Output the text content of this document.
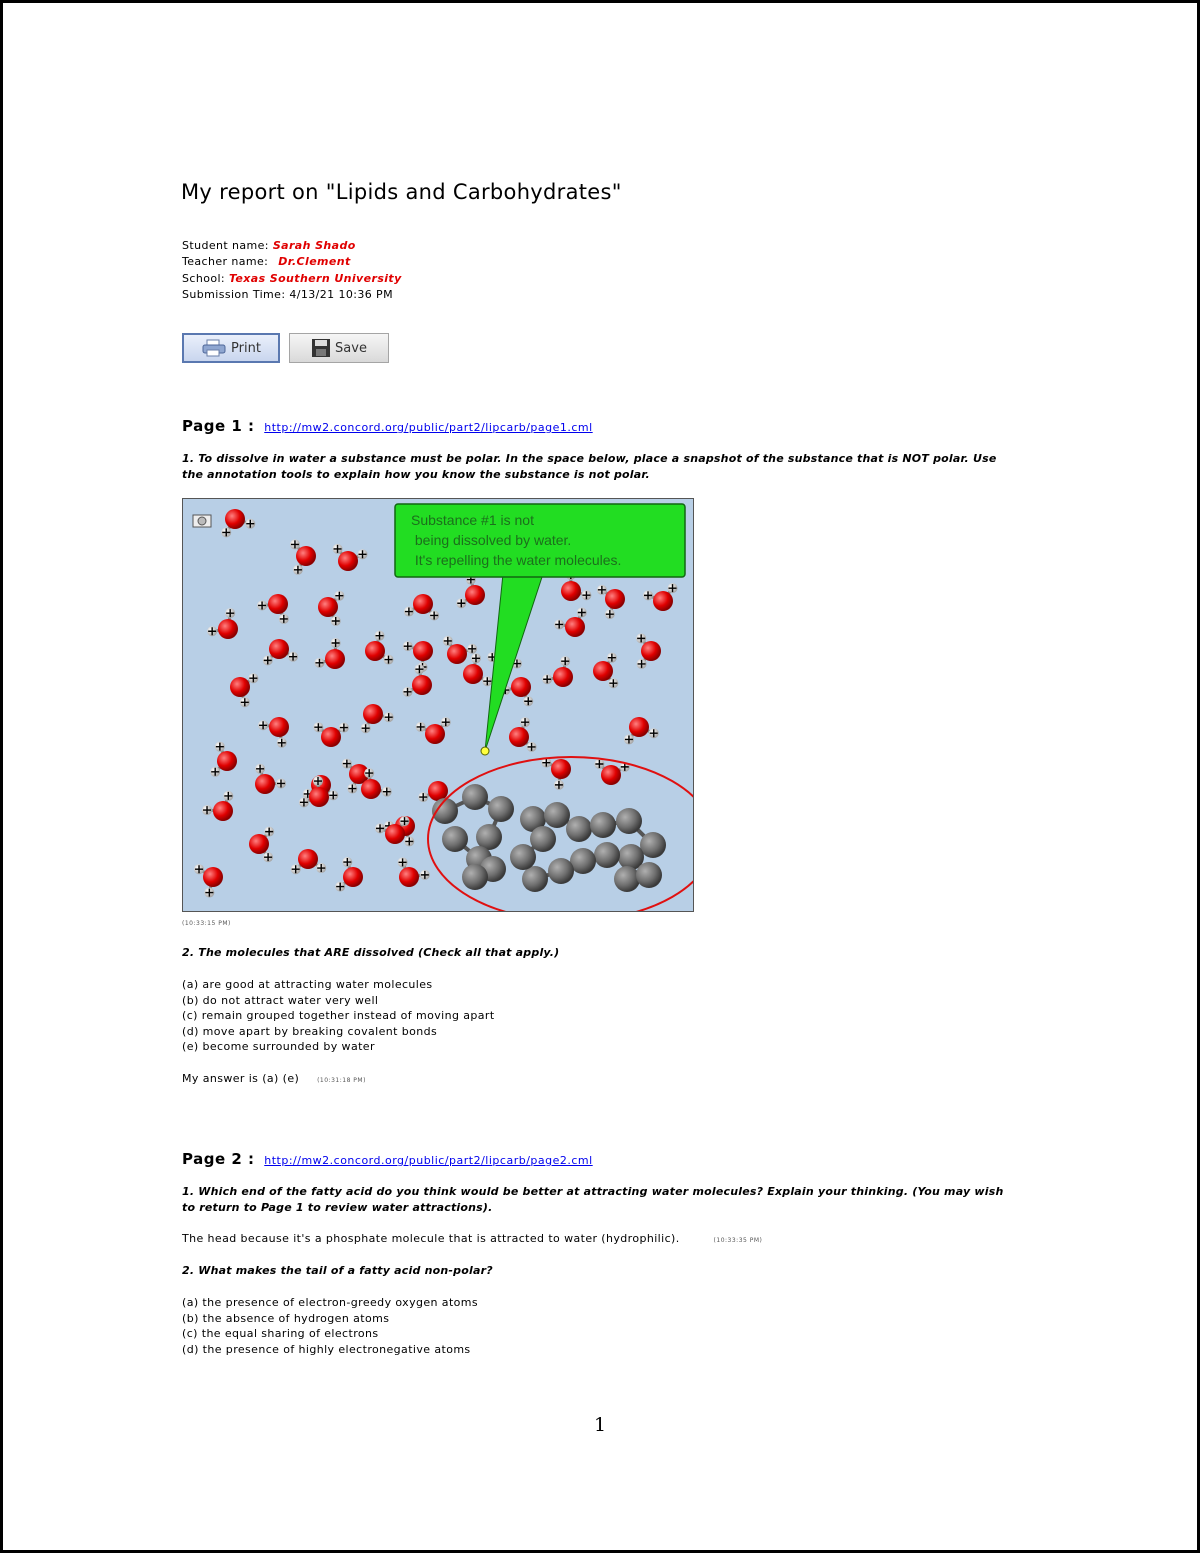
My report on "Lipids and Carbohydrates"
Student name: Sarah Shado
Teacher name: Dr.Clement
School: Texas Southern University
Submission Time: 4/13/21 10:36 PM
Print	Save
Page 1 : http://mw2.concord.org/public/part2/lipcarb/page1.cml
1. To dissolve in water a substance must be polar. In the space below, place a snapshot of the substance that is NOT polar. Use the annotation tools to explain how you know the substance is not polar.
Substance #1 is not
being dissolved by water.
It's repelling the water molecules.
(10:33:15 PM)
2. The molecules that ARE dissolved (Check all that apply.)
(a) are good at attracting water molecules
(b) do not attract water very well
(c) remain grouped together instead of moving apart
(d) move apart by breaking covalent bonds
(e) become surrounded by water
My answer is (a) (e)	(10:31:18 PM)
Page 2 : http://mw2.concord.org/public/part2/lipcarb/page2.cml
1. Which end of the fatty acid do you think would be better at attracting water molecules? Explain your thinking. (You may wish to return to Page 1 to review water attractions).
The head because it's a phosphate molecule that is attracted to water (hydrophilic).	(10:33:35 PM)
2. What makes the tail of a fatty acid non-polar?
(a) the presence of electron-greedy oxygen atoms
(b) the absence of hydrogen atoms
(c) the equal sharing of electrons
(d) the presence of highly electronegative atoms
1
